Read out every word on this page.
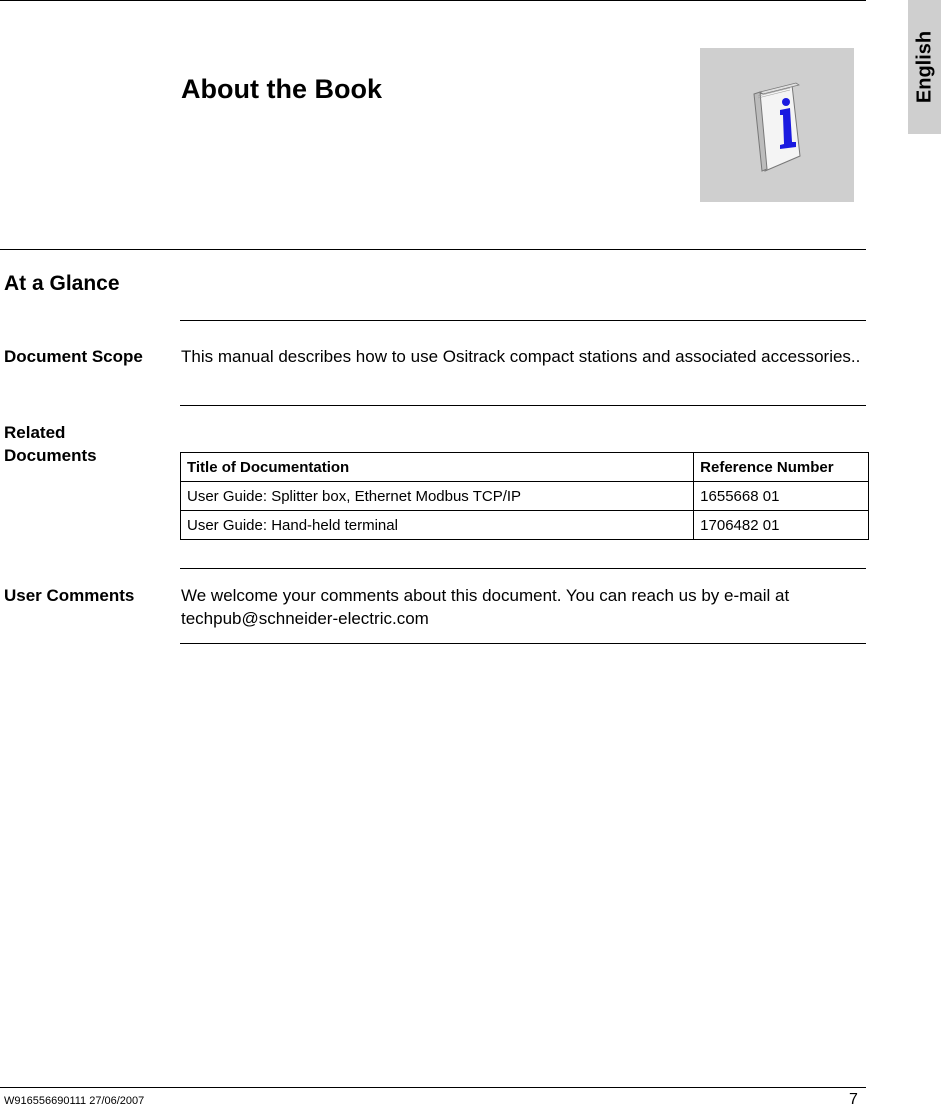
English
About the Book
At a Glance
Document Scope	This manual describes how to use Ositrack compact stations and associated accessories..
Related Documents
Title of Documentation	Reference Number
User Guide: Splitter box, Ethernet Modbus TCP/IP	1655668 01
User Guide: Hand-held terminal	1706482 01
User Comments	We welcome your comments about this document. You can reach us by e-mail at techpub@schneider-electric.com
W916556690111 27/06/2007	7
